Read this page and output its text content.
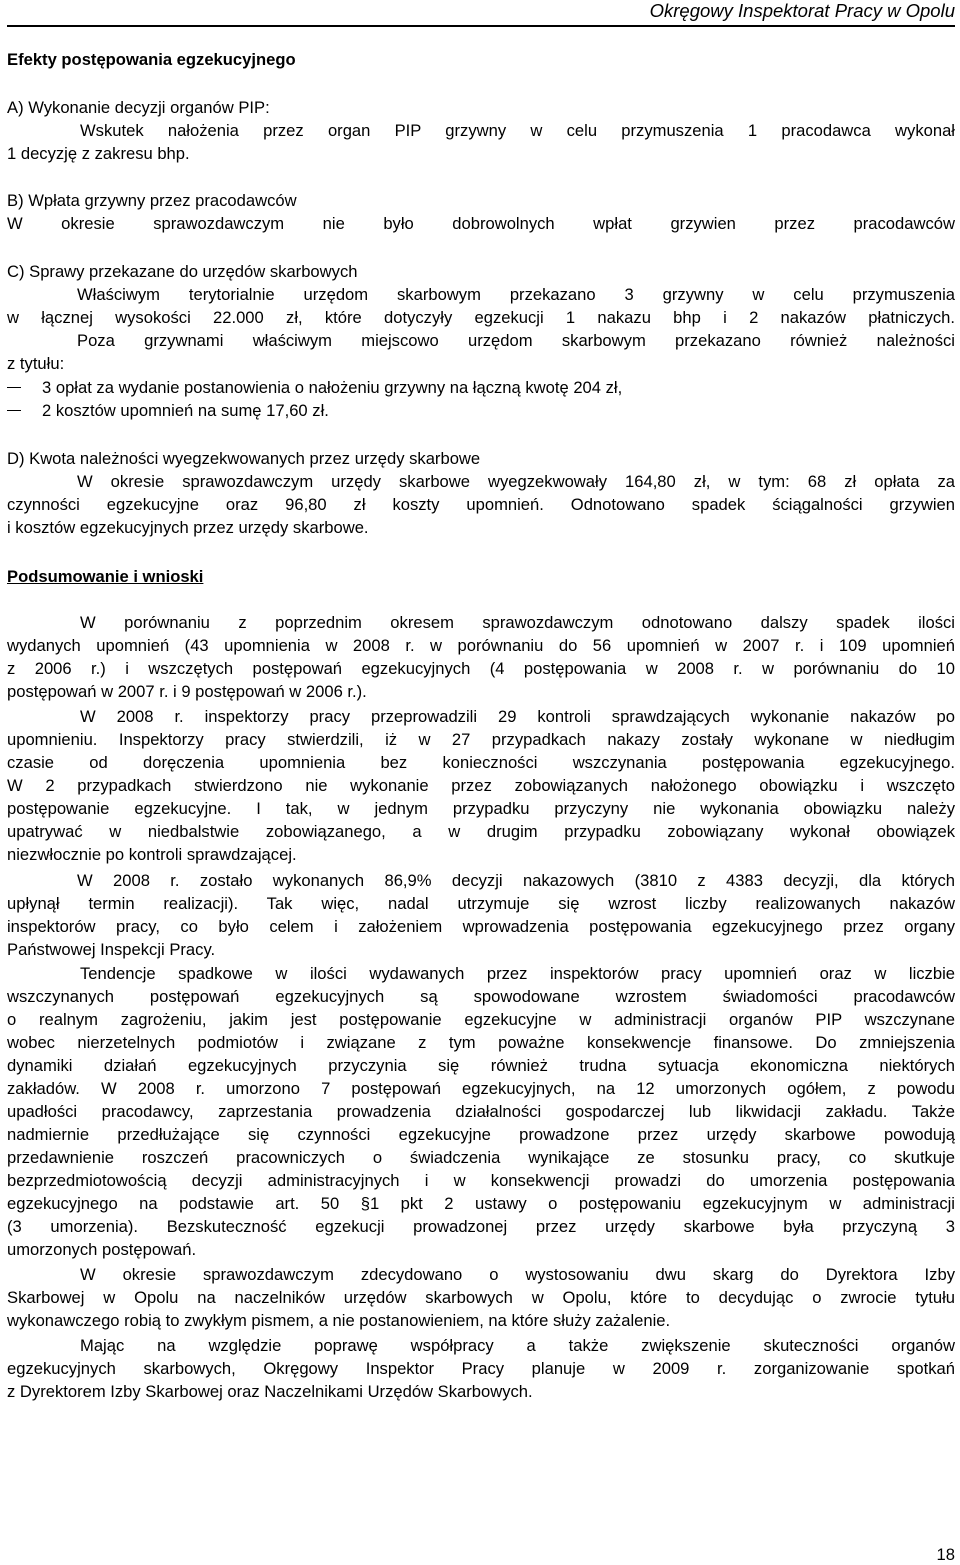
Okręgowy Inspektorat Pracy w Opolu
Efekty postępowania egzekucyjnego
A) Wykonanie decyzji organów PIP:
Wskutek nałożenia przez organ PIP grzywny w celu przymuszenia 1 pracodawca wykonał
1 decyzję z zakresu bhp.
B) Wpłata grzywny przez pracodawców
W okresie sprawozdawczym nie było dobrowolnych wpłat grzywien przez pracodawców
C) Sprawy przekazane do urzędów skarbowych
Właściwym terytorialnie urzędom skarbowym przekazano 3 grzywny w celu przymuszenia
w łącznej wysokości 22.000 zł, które dotyczyły egzekucji 1 nakazu bhp i 2 nakazów płatniczych.
Poza grzywnami właściwym miejscowo urzędom skarbowym przekazano również należności
z tytułu:
3 opłat za wydanie postanowienia o nałożeniu grzywny na łączną kwotę 204 zł,
2 kosztów upomnień na sumę 17,60 zł.
D) Kwota należności wyegzekwowanych przez urzędy skarbowe
W okresie sprawozdawczym urzędy skarbowe wyegzekwowały 164,80 zł, w tym: 68 zł opłata za
czynności egzekucyjne oraz 96,80 zł koszty upomnień. Odnotowano spadek ściągalności grzywien
i kosztów egzekucyjnych przez urzędy skarbowe.
Podsumowanie i wnioski
W porównaniu z poprzednim okresem sprawozdawczym odnotowano dalszy spadek ilości
wydanych upomnień (43 upomnienia w 2008 r. w porównaniu do 56 upomnień w 2007 r. i 109 upomnień
z 2006 r.) i wszczętych postępowań egzekucyjnych (4 postępowania w 2008 r. w porównaniu do 10
postępowań w 2007 r. i 9 postępowań w 2006 r.).
W 2008 r. inspektorzy pracy przeprowadzili 29 kontroli sprawdzających wykonanie nakazów po
upomnieniu. Inspektorzy pracy stwierdzili, iż w 27 przypadkach nakazy zostały wykonane w niedługim
czasie od doręczenia upomnienia bez konieczności wszczynania postępowania egzekucyjnego.
W 2 przypadkach stwierdzono nie wykonanie przez zobowiązanych nałożonego obowiązku i wszczęto
postępowanie egzekucyjne. I tak, w jednym przypadku przyczyny nie wykonania obowiązku należy
upatrywać w niedbalstwie zobowiązanego, a w drugim przypadku zobowiązany wykonał obowiązek
niezwłocznie po kontroli sprawdzającej.
W 2008 r. zostało wykonanych 86,9% decyzji nakazowych (3810 z 4383 decyzji, dla których
upłynął termin realizacji). Tak więc, nadal utrzymuje się wzrost liczby realizowanych nakazów
inspektorów pracy, co było celem i założeniem wprowadzenia postępowania egzekucyjnego przez organy
Państwowej Inspekcji Pracy.
Tendencje spadkowe w ilości wydawanych przez inspektorów pracy upomnień oraz w liczbie
wszczynanych postępowań egzekucyjnych są spowodowane wzrostem świadomości pracodawców
o realnym zagrożeniu, jakim jest postępowanie egzekucyjne w administracji organów PIP wszczynane
wobec nierzetelnych podmiotów i związane z tym poważne konsekwencje finansowe. Do zmniejszenia
dynamiki działań egzekucyjnych przyczynia się również trudna sytuacja ekonomiczna niektórych
zakładów. W 2008 r. umorzono 7 postępowań egzekucyjnych, na 12 umorzonych ogółem, z powodu
upadłości pracodawcy, zaprzestania prowadzenia działalności gospodarczej lub likwidacji zakładu. Także
nadmiernie przedłużające się czynności egzekucyjne prowadzone przez urzędy skarbowe powodują
przedawnienie roszczeń pracowniczych o świadczenia wynikające ze stosunku pracy, co skutkuje
bezprzedmiotowością decyzji administracyjnych i w konsekwencji prowadzi do umorzenia postępowania
egzekucyjnego na podstawie art. 50 §1 pkt 2 ustawy o postępowaniu egzekucyjnym w administracji
(3 umorzenia). Bezskuteczność egzekucji prowadzonej przez urzędy skarbowe była przyczyną 3
umorzonych postępowań.
W okresie sprawozdawczym zdecydowano o wystosowaniu dwu skarg do Dyrektora Izby
Skarbowej w Opolu na naczelników urzędów skarbowych w Opolu, które to decydując o zwrocie tytułu
wykonawczego robią to zwykłym pismem, a nie postanowieniem, na które służy zażalenie.
Mając na względzie poprawę współpracy a także zwiększenie skuteczności organów
egzekucyjnych skarbowych, Okręgowy Inspektor Pracy planuje w 2009 r. zorganizowanie spotkań
z Dyrektorem Izby Skarbowej oraz Naczelnikami Urzędów Skarbowych.
18
